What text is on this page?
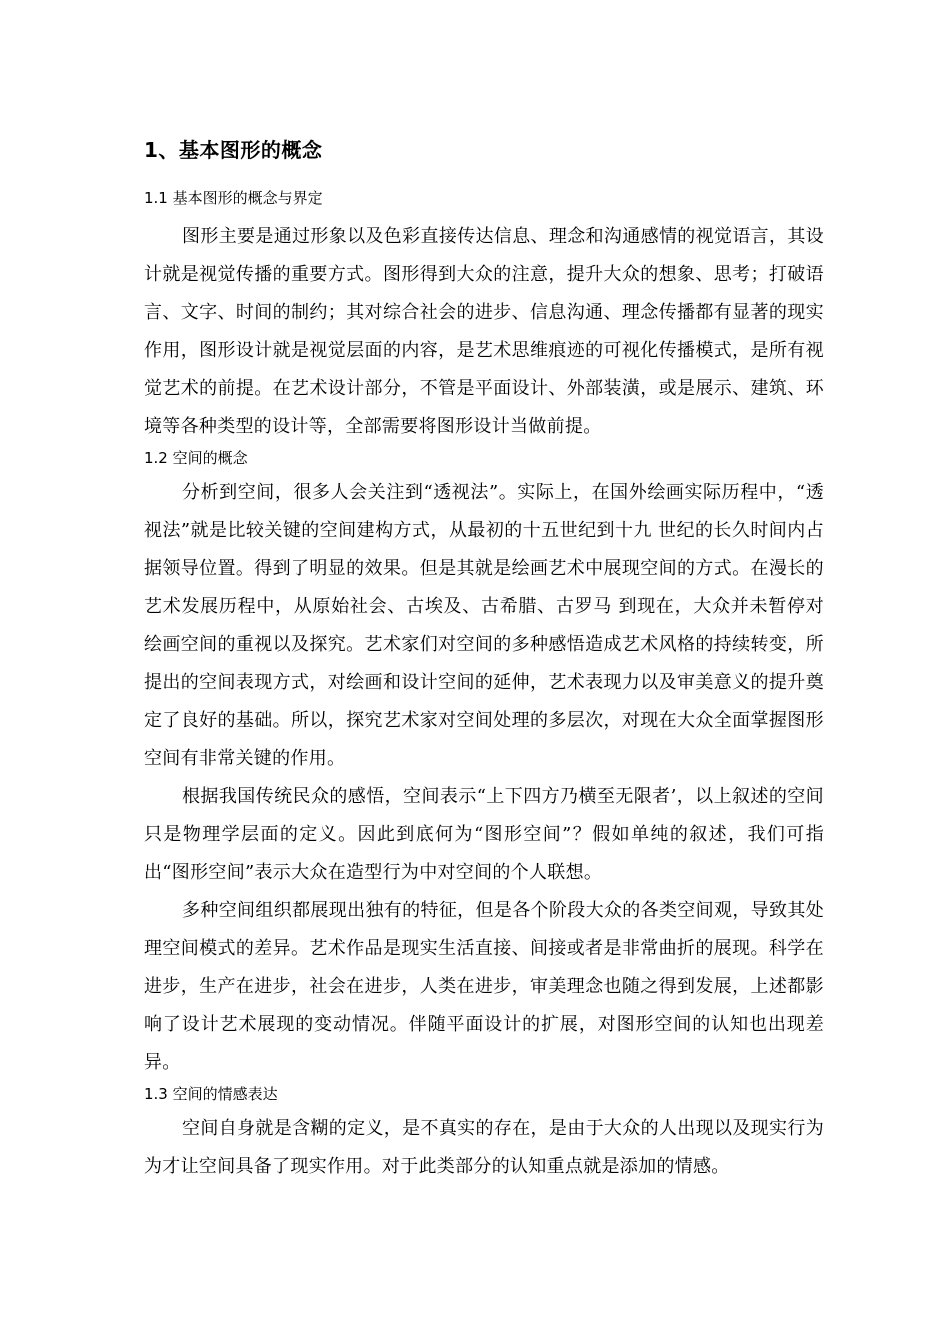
1、基本图形的概念
1.1 基本图形的概念与界定

图形主要是通过形象以及色彩直接传达信息、理念和沟通感情的视觉语言，其设计就是视觉传播的重要方式。图形得到大众的注意，提升大众的想象、思考；打破语言、文字、时间的制约；其对综合社会的进步、信息沟通、理念传播都有显著的现实作用，图形设计就是视觉层面的内容，是艺术思维痕迹的可视化传播模式，是所有视觉艺术的前提。在艺术设计部分，不管是平面设计、外部装潢，或是展示、建筑、环境等各种类型的设计等，全部需要将图形设计当做前提。

1.2 空间的概念

分析到空间，很多人会关注到“透视法”。实际上，在国外绘画实际历程中，“透视法”就是比较关键的空间建构方式，从最初的十五世纪到十九 世纪的长久时间内占据领导位置。得到了明显的效果。但是其就是绘画艺术中展现空间的方式。在漫长的艺术发展历程中，从原始社会、古埃及、古希腊、古罗马 到现在，大众并未暂停对绘画空间的重视以及探究。艺术家们对空间的多种感悟造成艺术风格的持续转变，所提出的空间表现方式，对绘画和设计空间的延伸，艺术表现力以及审美意义的提升奠定了良好的基础。所以，探究艺术家对空间处理的多层次，对现在大众全面掌握图形空间有非常关键的作用。

根据我国传统民众的感悟，空间表示“上下四方乃横至无限者’，以上叙述的空间只是物理学层面的定义。因此到底何为“图形空间”？假如单纯的叙述，我们可指出“图形空间”表示大众在造型行为中对空间的个人联想。

多种空间组织都展现出独有的特征，但是各个阶段大众的各类空间观，导致其处理空间模式的差异。艺术作品是现实生活直接、间接或者是非常曲折的展现。科学在进步，生产在进步，社会在进步，人类在进步，审美理念也随之得到发展，上述都影响了设计艺术展现的变动情况。伴随平面设计的扩展，对图形空间的认知也出现差异。

1.3 空间的情感表达

空间自身就是含糊的定义，是不真实的存在，是由于大众的人出现以及现实行为为才让空间具备了现实作用。对于此类部分的认知重点就是添加的情感。
